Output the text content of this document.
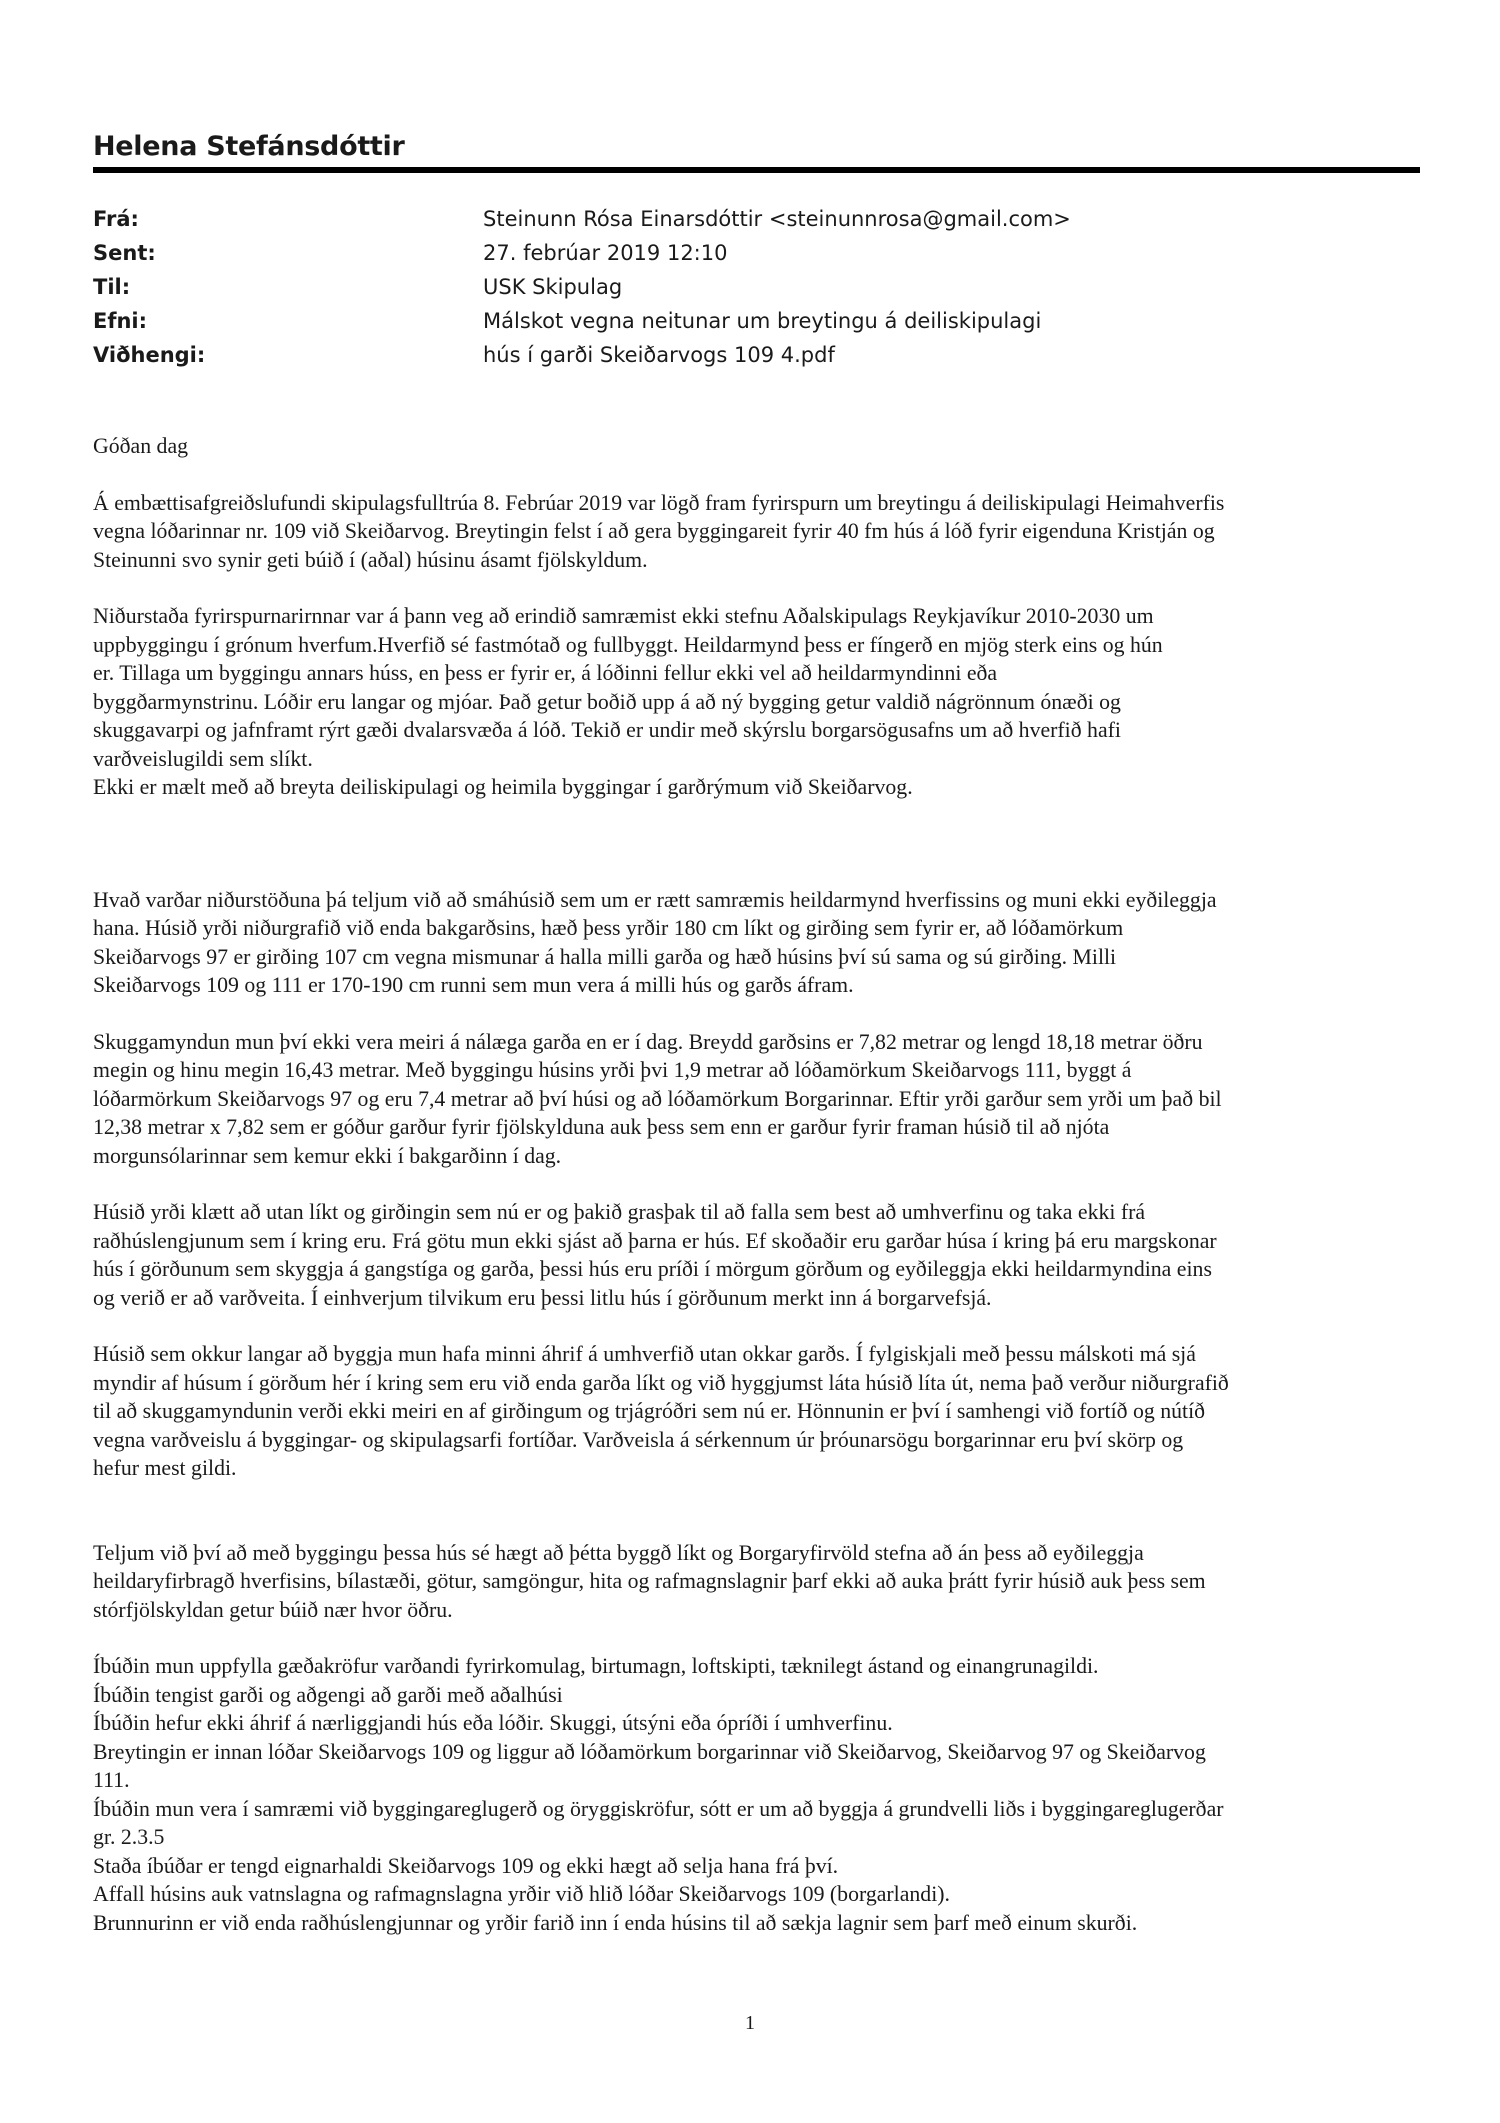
Helena Stefánsdóttir
Frá:	Steinunn Rósa Einarsdóttir <steinunnrosa@gmail.com>
Sent:	27. febrúar 2019 12:10
Til:	USK Skipulag
Efni:	Málskot vegna neitunar um breytingu á deiliskipulagi
Viðhengi:	hús í garði Skeiðarvogs 109 4.pdf
Góðan dag
Á embættisafgreiðslufundi skipulagsfulltrúa 8. Febrúar 2019 var lögð fram fyrirspurn um breytingu á deiliskipulagi Heimahverfis
vegna lóðarinnar nr. 109 við Skeiðarvog. Breytingin felst í að gera byggingareit fyrir 40 fm hús á lóð fyrir eigenduna Kristján og
Steinunni svo synir geti búið í (aðal) húsinu ásamt fjölskyldum.
Niðurstaða fyrirspurnarirnnar var á þann veg að erindið samræmist ekki stefnu Aðalskipulags Reykjavíkur 2010-2030 um
uppbyggingu í grónum hverfum.Hverfið sé fastmótað og fullbyggt. Heildarmynd þess er fíngerð en mjög sterk eins og hún
er. Tillaga um byggingu annars húss, en þess er fyrir er, á lóðinni fellur ekki vel að heildarmyndinni eða
byggðarmynstrinu. Lóðir eru langar og mjóar. Það getur boðið upp á að ný bygging getur valdið nágrönnum ónæði og
skuggavarpi og jafnframt rýrt gæði dvalarsvæða á lóð. Tekið er undir með skýrslu borgarsögusafns um að hverfið hafi
varðveislugildi sem slíkt.
Ekki er mælt með að breyta deiliskipulagi og heimila byggingar í garðrýmum við Skeiðarvog.
Hvað varðar niðurstöðuna þá teljum við að smáhúsið sem um er rætt samræmis heildarmynd hverfissins og muni ekki eyðileggja
hana. Húsið yrði niðurgrafið við enda bakgarðsins, hæð þess yrðir 180 cm líkt og girðing sem fyrir er, að lóðamörkum
Skeiðarvogs 97 er girðing 107 cm vegna mismunar á halla milli garða og hæð húsins því sú sama og sú girðing. Milli
Skeiðarvogs 109 og 111 er 170-190 cm runni sem mun vera á milli hús og garðs áfram.
Skuggamyndun mun því ekki vera meiri á nálæga garða en er í dag. Breydd garðsins er 7,82 metrar og lengd 18,18 metrar öðru
megin og hinu megin 16,43 metrar. Með byggingu húsins yrði þvi 1,9 metrar að lóðamörkum Skeiðarvogs 111, byggt á
lóðarmörkum Skeiðarvogs 97 og eru 7,4 metrar að því húsi og að lóðamörkum Borgarinnar. Eftir yrði garður sem yrði um það bil
12,38 metrar x 7,82 sem er góður garður fyrir fjölskylduna auk þess sem enn er garður fyrir framan húsið til að njóta
morgunsólarinnar sem kemur ekki í bakgarðinn í dag.
Húsið yrði klætt að utan líkt og girðingin sem nú er og þakið grasþak til að falla sem best að umhverfinu og taka ekki frá
raðhúslengjunum sem í kring eru. Frá götu mun ekki sjást að þarna er hús. Ef skoðaðir eru garðar húsa í kring þá eru margskonar
hús í görðunum sem skyggja á gangstíga og garða, þessi hús eru príði í mörgum görðum og eyðileggja ekki heildarmyndina eins
og verið er að varðveita. Í einhverjum tilvikum eru þessi litlu hús í görðunum merkt inn á borgarvefsjá.
Húsið sem okkur langar að byggja mun hafa minni áhrif á umhverfið utan okkar garðs. Í fylgiskjali með þessu málskoti má sjá
myndir af húsum í görðum hér í kring sem eru við enda garða líkt og við hyggjumst láta húsið líta út, nema það verður niðurgrafið
til að skuggamyndunin verði ekki meiri en af girðingum og trjágróðri sem nú er. Hönnunin er því í samhengi við fortíð og nútíð
vegna varðveislu á byggingar- og skipulagsarfi fortíðar. Varðveisla á sérkennum úr þróunarsögu borgarinnar eru því skörp og
hefur mest gildi.
Teljum við því að með byggingu þessa hús sé hægt að þétta byggð líkt og Borgaryfirvöld stefna að án þess að eyðileggja
heildaryfirbragð hverfisins, bílastæði, götur, samgöngur, hita og rafmagnslagnir þarf ekki að auka þrátt fyrir húsið auk þess sem
stórfjölskyldan getur búið nær hvor öðru.
Íbúðin mun uppfylla gæðakröfur varðandi fyrirkomulag, birtumagn, loftskipti, tæknilegt ástand og einangrunagildi.
Íbúðin tengist garði og aðgengi að garði með aðalhúsi
Íbúðin hefur ekki áhrif á nærliggjandi hús eða lóðir. Skuggi, útsýni eða ópríði í umhverfinu.
Breytingin er innan lóðar Skeiðarvogs 109 og liggur að lóðamörkum borgarinnar við Skeiðarvog, Skeiðarvog 97 og Skeiðarvog
111.
Íbúðin mun vera í samræmi við byggingareglugerð og öryggiskröfur, sótt er um að byggja á grundvelli liðs i byggingareglugerðar
gr. 2.3.5
Staða íbúðar er tengd eignarhaldi Skeiðarvogs 109 og ekki hægt að selja hana frá því.
Affall húsins auk vatnslagna og rafmagnslagna yrðir við hlið lóðar Skeiðarvogs 109 (borgarlandi).
Brunnurinn er við enda raðhúslengjunnar og yrðir farið inn í enda húsins til að sækja lagnir sem þarf með einum skurði.
1
